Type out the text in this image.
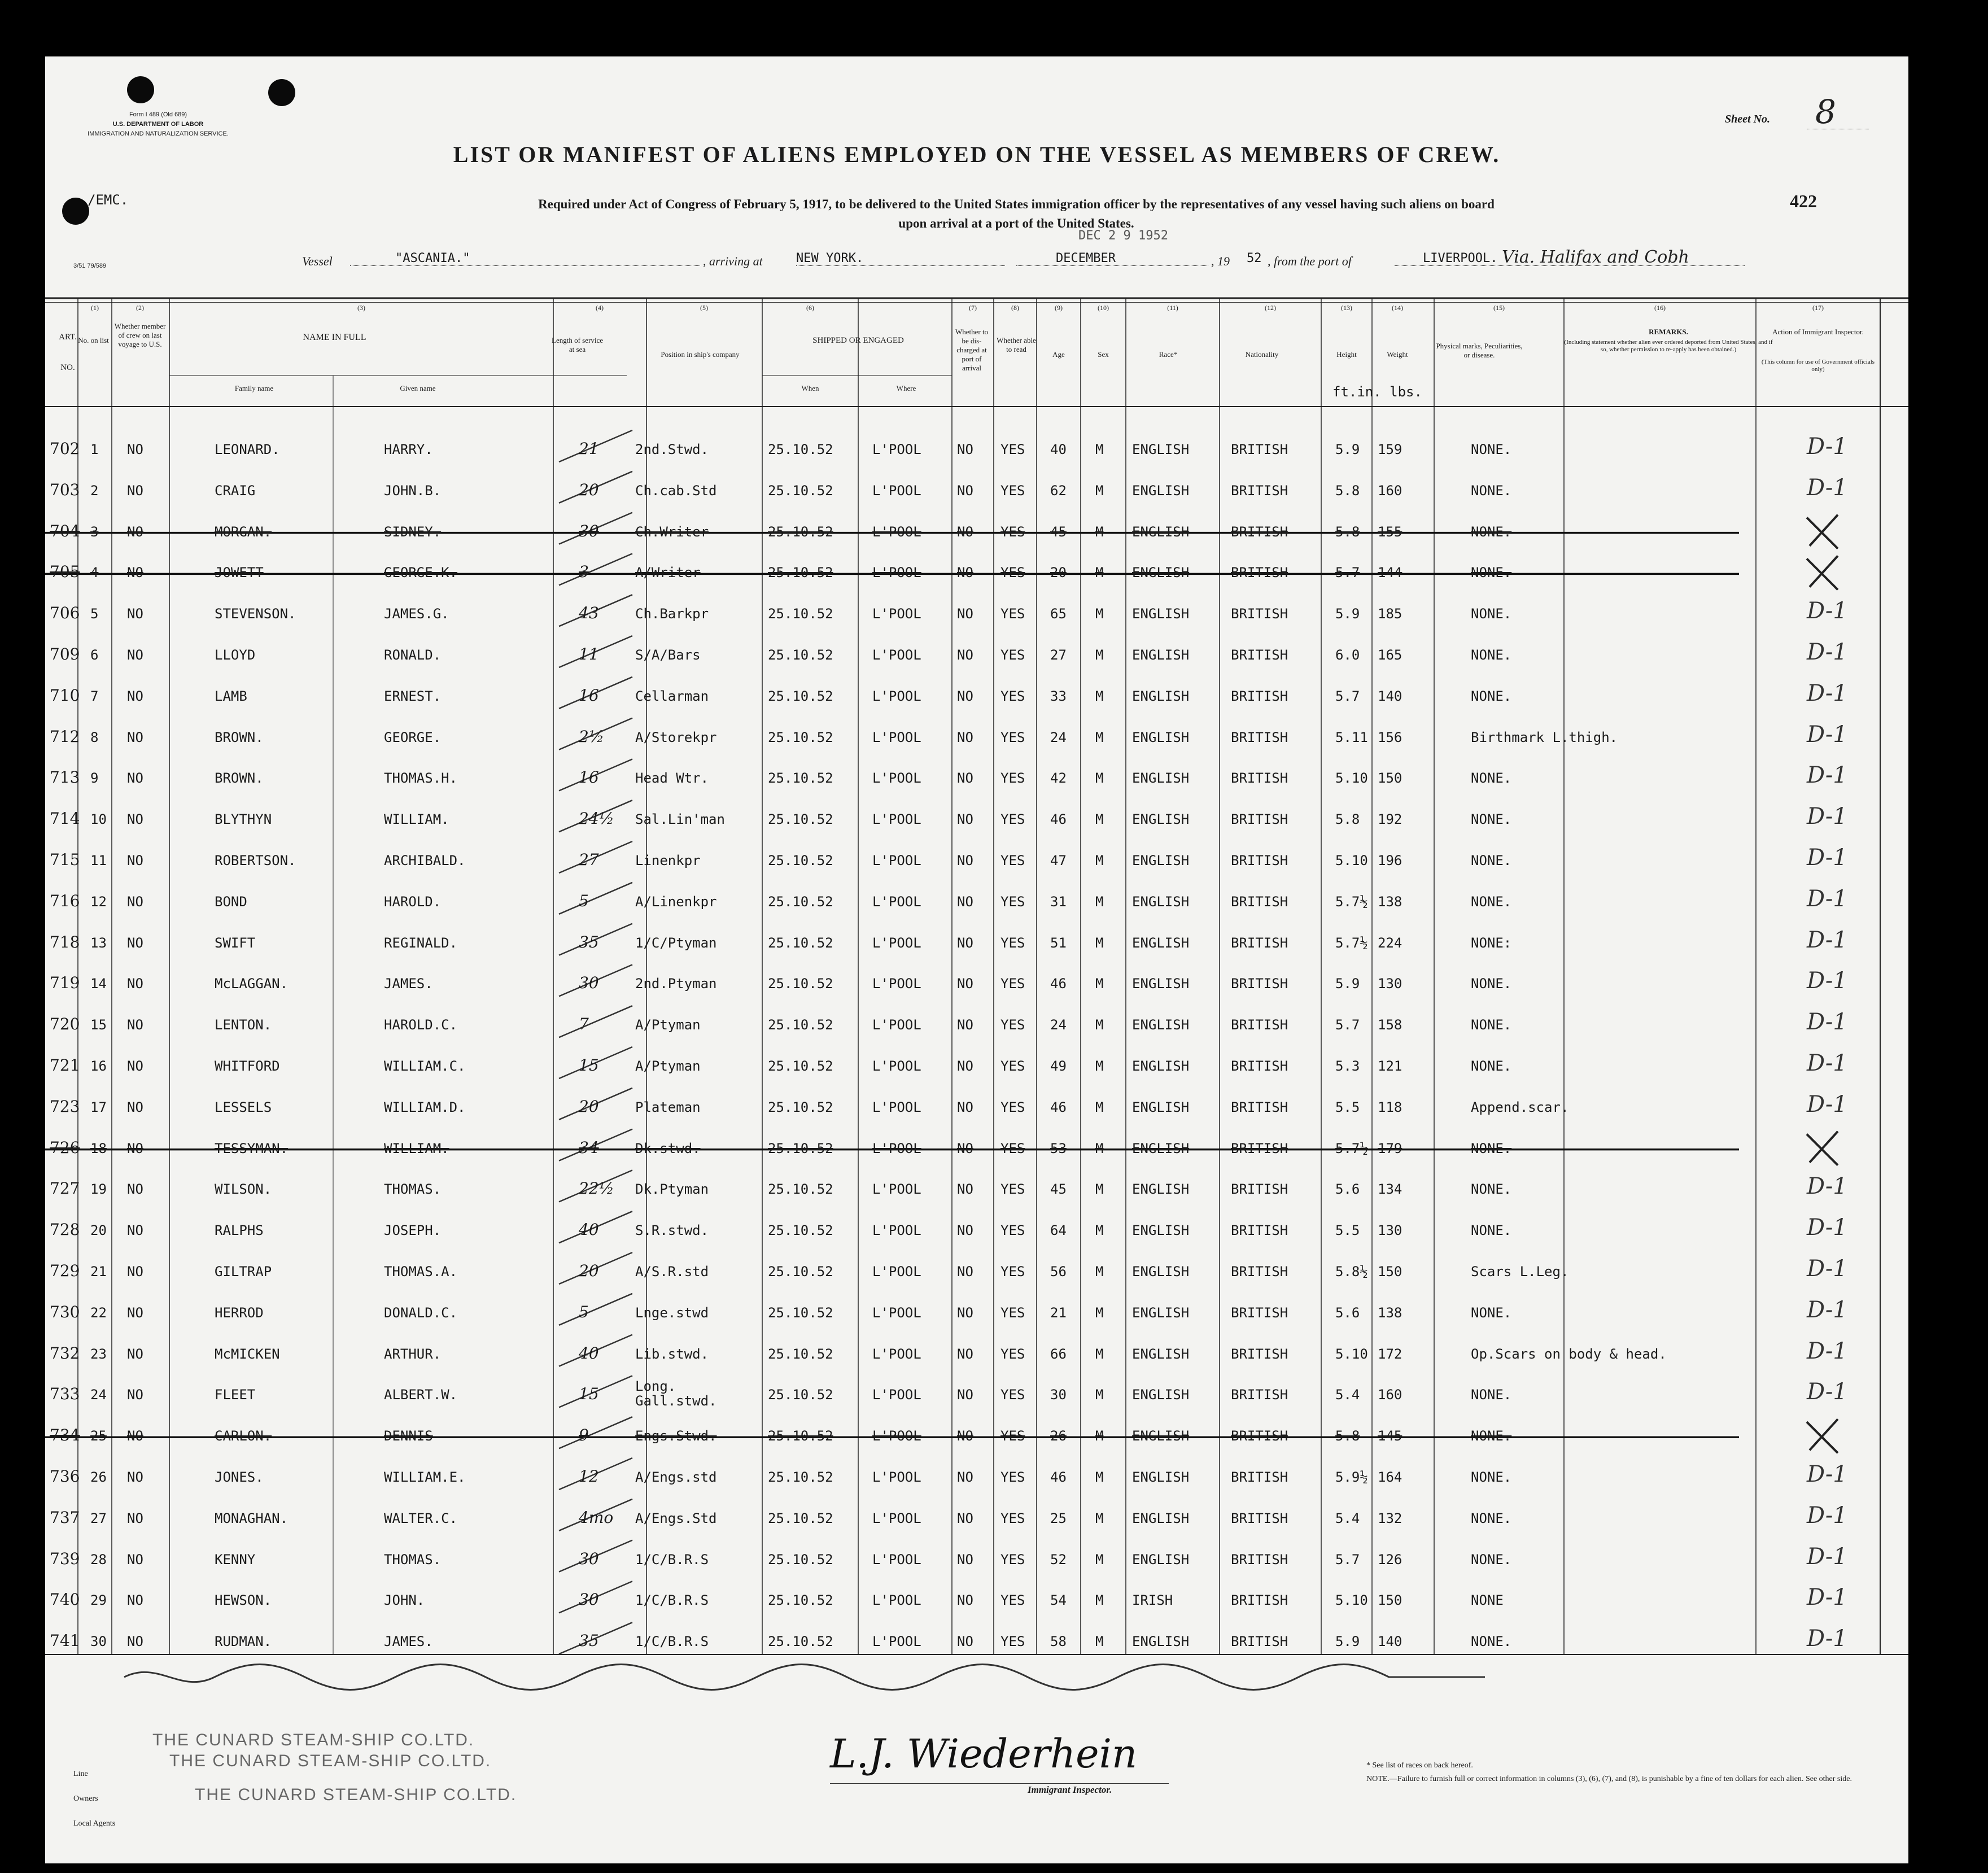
Form I 489 (Old 689)
U.S. DEPARTMENT OF LABOR
IMMIGRATION AND NATURALIZATION SERVICE.
/EMC.
3/51 79/589
Sheet No. 8
422
LIST OR MANIFEST OF ALIENS EMPLOYED ON THE VESSEL AS MEMBERS OF CREW.
Required under Act of Congress of February 5, 1917, to be delivered to the United States immigration officer by the representatives of any vessel having such aliens on board
upon arrival at a port of the United States.
DEC 2 9 1952
Vessel	"ASCANIA."	, arriving at	NEW YORK.	DECEMBER	, 19 52 , from the port of	LIVERPOOL. Via. Halifax and Cobh
ART.
NO.
No. on list
Whether member of crew on last voyage to U.S.
NAME IN FULL
Family name	Given name
Length of service at sea
Position in ship's company
SHIPPED OR ENGAGED
When	Where
Whether to be dis-charged at port of arrival
Whether able to read
Age	Sex	Race*	Nationality	Height	Weight
Physical marks, Peculiarities, or disease.
REMARKS.
(Including statement whether alien ever ordered deported from United States, and if so, whether permission to re-apply has been obtained.)
Action of Immigrant Inspector.
(This column for use of Government officials only)
ft.in. lbs.
(1)	(2)	(3)	(4)	(5)	(6)	(7)	(8)	(9)	(10)	(11)	(12)	(13)	(14)	(15)	(16)	(17)
702 1 NO	LEONARD.	HARRY.	21	2nd.Stwd.	25.10.52	L'POOL	NO YES 40 M ENGLISH	BRITISH	5.9 159	NONE.	D-1
703 2 NO	CRAIG	JOHN.B.	20	Ch.cab.Std	25.10.52	L'POOL	NO YES 62 M ENGLISH	BRITISH	5.8 160	NONE.	D-1
704 3 NO	MORGAN.	SIDNEY.	30	Ch.Writer	25.10.52	L'POOL	NO YES 45 M ENGLISH	BRITISH	5.8 155	NONE.
705 4 NO	JOWETT	GEORGE.K.	3	A/Writer	25.10.52	L'POOL	NO YES 20 M ENGLISH	BRITISH	5.7 144	NONE.
706 5 NO	STEVENSON.	JAMES.G.	43	Ch.Barkpr	25.10.52	L'POOL	NO YES 65 M ENGLISH	BRITISH	5.9 185	NONE.	D-1
709 6 NO	LLOYD	RONALD.	11	S/A/Bars	25.10.52	L'POOL	NO YES 27 M ENGLISH	BRITISH	6.0 165	NONE.	D-1
710 7 NO	LAMB	ERNEST.	16	Cellarman	25.10.52	L'POOL	NO YES 33 M ENGLISH	BRITISH	5.7 140	NONE.	D-1
712 8 NO	BROWN.	GEORGE.	2½ A/Storekpr	25.10.52	L'POOL	NO YES 24 M ENGLISH	BRITISH	5.11 156	Birthmark L.thigh.	D-1
713 9 NO	BROWN.	THOMAS.H.	16	Head Wtr.	25.10.52	L'POOL	NO YES 42 M ENGLISH	BRITISH	5.10 150	NONE.	D-1
714 10 NO	BLYTHYN	WILLIAM.	24½ Sal.Lin'man	25.10.52	L'POOL	NO YES 46 M ENGLISH	BRITISH	5.8 192	NONE.	D-1
715 11 NO	ROBERTSON.	ARCHIBALD.	27	Linenkpr	25.10.52	L'POOL	NO YES 47 M ENGLISH	BRITISH	5.10 196	NONE.	D-1
716 12 NO	BOND	HAROLD.	5	A/Linenkpr	25.10.52	L'POOL	NO YES 31 M ENGLISH	BRITISH	5.7½ 138	NONE.	D-1
718 13 NO	SWIFT	REGINALD.	35	1/C/Ptyman	25.10.52	L'POOL	NO YES 51 M ENGLISH	BRITISH	5.7½ 224	NONE:	D-1
719 14 NO	McLAGGAN.	JAMES.	30	2nd.Ptyman	25.10.52	L'POOL	NO YES 46 M ENGLISH	BRITISH	5.9 130	NONE.	D-1
720 15 NO	LENTON.	HAROLD.C.	7	A/Ptyman	25.10.52	L'POOL	NO YES 24 M ENGLISH	BRITISH	5.7 158	NONE.	D-1
721 16 NO	WHITFORD	WILLIAM.C.	15	A/Ptyman	25.10.52	L'POOL	NO YES 49 M ENGLISH	BRITISH	5.3 121	NONE.	D-1
723 17 NO	LESSELS	WILLIAM.D.	20	Plateman	25.10.52	L'POOL	NO YES 46 M ENGLISH	BRITISH	5.5 118	Append.scar.	D-1
726 18 NO	TESSYMAN.	WILLIAM.	34	Dk.stwd.	25.10.52	L'POOL	NO YES 53 M ENGLISH	BRITISH	5.7½ 179	NONE.
727 19 NO	WILSON.	THOMAS.	22½ Dk.Ptyman	25.10.52	L'POOL	NO YES 45 M ENGLISH	BRITISH	5.6 134	NONE.	D-1
728 20 NO	RALPHS	JOSEPH.	40	S.R.stwd.	25.10.52	L'POOL	NO YES 64 M ENGLISH	BRITISH	5.5 130	NONE.	D-1
729 21 NO	GILTRAP	THOMAS.A.	20	A/S.R.std	25.10.52	L'POOL	NO YES 56 M ENGLISH	BRITISH	5.8½ 150	Scars L.Leg.	D-1
730 22 NO	HERROD	DONALD.C.	5	Lnge.stwd	25.10.52	L'POOL	NO YES 21 M ENGLISH	BRITISH	5.6 138	NONE.	D-1
732 23 NO	McMICKEN	ARTHUR.	40	Lib.stwd.	25.10.52	L'POOL	NO YES 66 M ENGLISH	BRITISH	5.10 172	Op.Scars on body & head.	D-1
733 24 NO	FLEET	ALBERT.W.	15	Long. Gall.stwd.	25.10.52	L'POOL	NO YES 30 M ENGLISH	BRITISH	5.4 160	NONE.	D-1
734 25 NO	CARLON.	DENNIS	9	Engs.Stwd.	25.10.52	L'POOL	NO YES 26 M ENGLISH	BRITISH	5.8 145	NONE.
736 26 NO	JONES.	WILLIAM.E.	12	A/Engs.std	25.10.52	L'POOL	NO YES 46 M ENGLISH	BRITISH	5.9½ 164	NONE.	D-1
737 27 NO	MONAGHAN.	WALTER.C.	4mo A/Engs.Std	25.10.52	L'POOL	NO YES 25 M ENGLISH	BRITISH	5.4 132	NONE.	D-1
739 28 NO	KENNY	THOMAS.	30	1/C/B.R.S	25.10.52	L'POOL	NO YES 52 M ENGLISH	BRITISH	5.7 126	NONE.	D-1
740 29 NO	HEWSON.	JOHN.	30	1/C/B.R.S	25.10.52	L'POOL	NO YES 54 M IRISH	BRITISH	5.10 150	NONE	D-1
741 30 NO	RUDMAN.	JAMES.	35	1/C/B.R.S	25.10.52	L'POOL	NO YES 58 M ENGLISH	BRITISH	5.9 140	NONE.	D-1
Line
Owners
Local Agents
THE CUNARD STEAM-SHIP CO.LTD.
THE CUNARD STEAM-SHIP CO.LTD.
THE CUNARD STEAM-SHIP CO.LTD.
L.J. Wiederhein
Immigrant Inspector.
* See list of races on back hereof.
NOTE.—Failure to furnish full or correct information in columns (3), (6), (7), and (8), is punishable by a fine of ten dollars for each alien. See other side.
